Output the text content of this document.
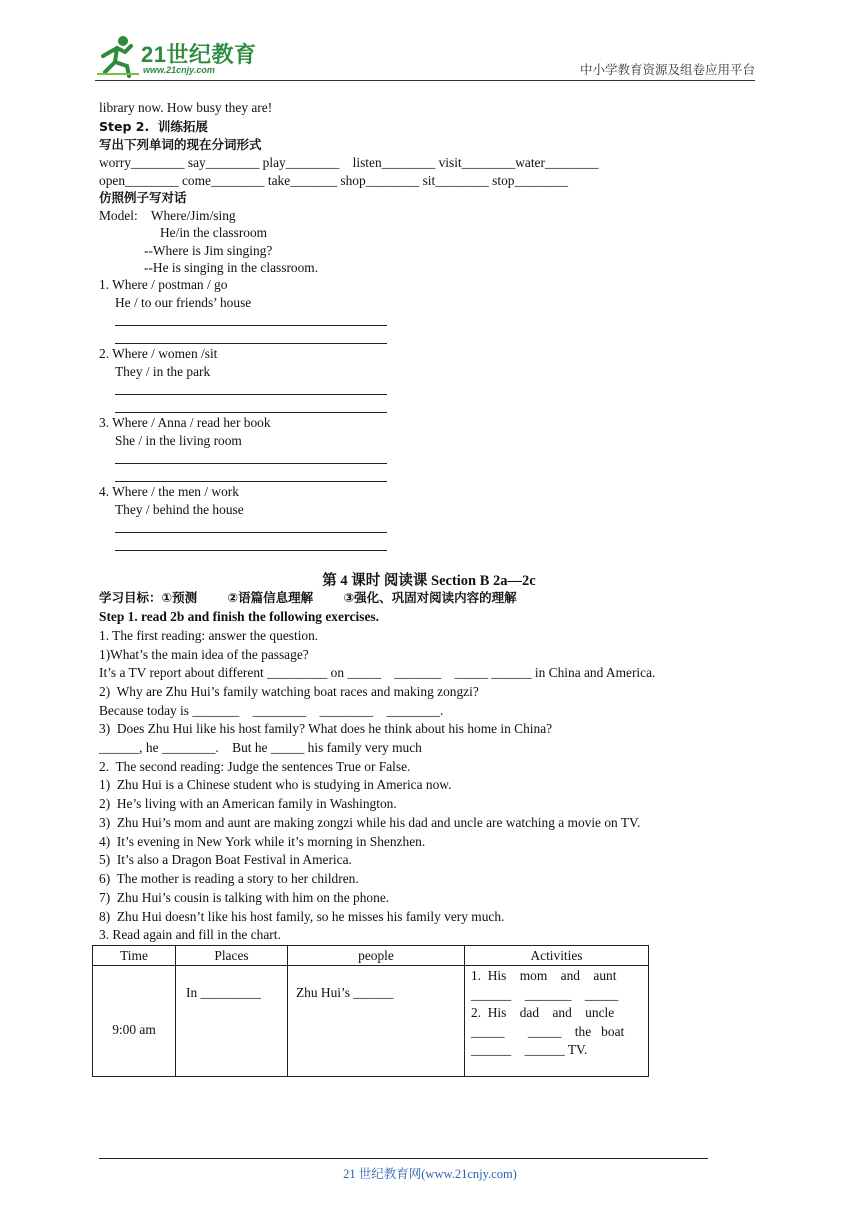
21世纪教育
www.21cnjy.com	中小学教育资源及组卷应用平台
library now. How busy they are!
Step 2.  训练拓展
写出下列单词的现在分词形式
worry________ say________ play________    listen________ visit________water________
open________ come________ take_______ shop________ sit________ stop________
仿照例子写对话
Model:    Where/Jim/sing
He/in the classroom
--Where is Jim singing?
--He is singing in the classroom.
1. Where / postman / go
He / to our friends’ house
2. Where / women /sit
They / in the park
3. Where / Anna / read her book
She / in the living room
4. Where / the men / work
They / behind the house
第 4 课时 阅读课 Section B 2a—2c
学习目标：①预测       ②语篇信息理解       ③强化、巩固对阅读内容的理解
Step 1. read 2b and finish the following exercises.
1. The first reading: answer the question.
1)What’s the main idea of the passage?
It’s a TV report about different _________ on _____    _______    _____ ______ in China and America.
2)  Why are Zhu Hui’s family watching boat races and making zongzi?
Because today is _______    ________    ________    ________.
3)  Does Zhu Hui like his host family? What does he think about his home in China?
______, he ________.    But he _____ his family very much
2.  The second reading: Judge the sentences True or False.
1)  Zhu Hui is a Chinese student who is studying in America now.
2)  He’s living with an American family in Washington.
3)  Zhu Hui’s mom and aunt are making zongzi while his dad and uncle are watching a movie on TV.
4)  It’s evening in New York while it’s morning in Shenzhen.
5)  It’s also a Dragon Boat Festival in America.
6)  The mother is reading a story to her children.
7)  Zhu Hui’s cousin is talking with him on the phone.
8)  Zhu Hui doesn’t like his host family, so he misses his family very much.
3. Read again and fill in the chart.
Time	Places	people	Activities
9:00 am	In _________	Zhu Hui’s ______	1.  His    mom    and    aunt
______    _______    _____
2.  His    dad    and    uncle
_____       _____    the   boat
______    ______ TV.
21 世纪教育网(www.21cnjy.com)
